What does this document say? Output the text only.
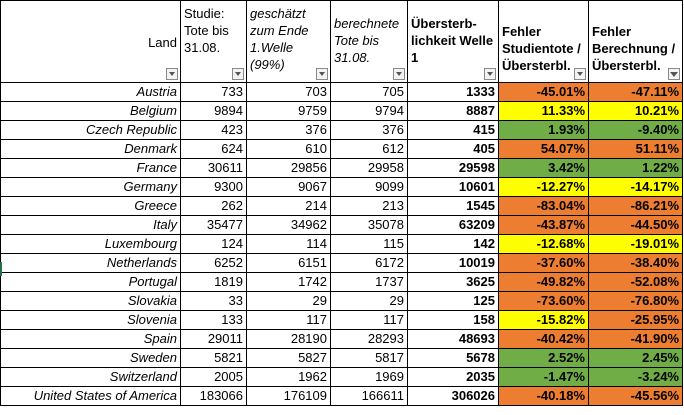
Land	Studie: Tote bis 31.08.	geschätzt zum Ende 1.Welle (99%)	berechnete Tote bis 31.08.	Übersterb-lichkeit Welle 1	Fehler Studientote / Übersterbl.	Fehler Berechnung / Übersterbl.

Austria	733	703	705	1333	-45.01%	-47.11%
Belgium	9894	9759	9794	8887	11.33%	10.21%
Czech Republic	423	376	376	415	1.93%	-9.40%
Denmark	624	610	612	405	54.07%	51.11%
France	30611	29856	29958	29598	3.42%	1.22%
Germany	9300	9067	9099	10601	-12.27%	-14.17%
Greece	262	214	213	1545	-83.04%	-86.21%
Italy	35477	34962	35078	63209	-43.87%	-44.50%
Luxembourg	124	114	115	142	-12.68%	-19.01%
Netherlands	6252	6151	6172	10019	-37.60%	-38.40%
Portugal	1819	1742	1737	3625	-49.82%	-52.08%
Slovakia	33	29	29	125	-73.60%	-76.80%
Slovenia	133	117	117	158	-15.82%	-25.95%
Spain	29011	28190	28293	48693	-40.42%	-41.90%
Sweden	5821	5827	5817	5678	2.52%	2.45%
Switzerland	2005	1962	1969	2035	-1.47%	-3.24%
United States of America	183066	176109	166611	306026	-40.18%	-45.56%
